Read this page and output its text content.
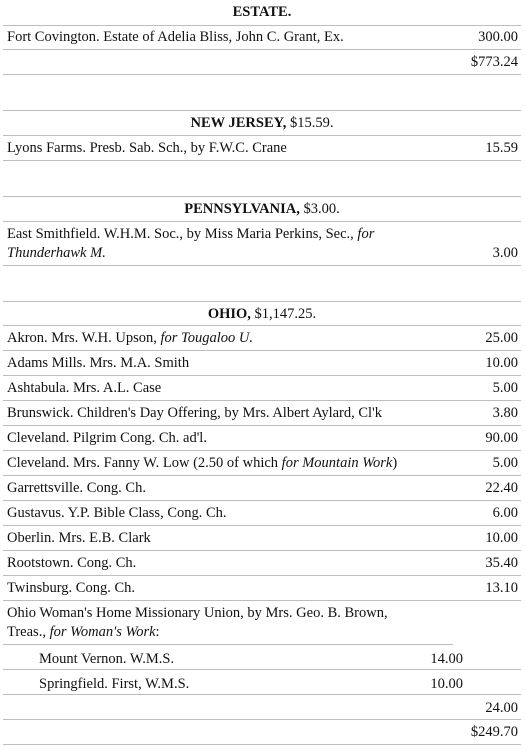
ESTATE.
Fort Covington. Estate of Adelia Bliss, John C. Grant, Ex.	300.00
$773.24
NEW JERSEY, $15.59.
Lyons Farms. Presb. Sab. Sch., by F.W.C. Crane	15.59
PENNSYLVANIA, $3.00.
East Smithfield. W.H.M. Soc., by Miss Maria Perkins, Sec., for
Thunderhawk M.	3.00
OHIO, $1,147.25.
Akron. Mrs. W.H. Upson, for Tougaloo U.	25.00
Adams Mills. Mrs. M.A. Smith	10.00
Ashtabula. Mrs. A.L. Case	5.00
Brunswick. Children's Day Offering, by Mrs. Albert Aylard, Cl'k	3.80
Cleveland. Pilgrim Cong. Ch. ad'l.	90.00
Cleveland. Mrs. Fanny W. Low (2.50 of which for Mountain Work)	5.00
Garrettsville. Cong. Ch.	22.40
Gustavus. Y.P. Bible Class, Cong. Ch.	6.00
Oberlin. Mrs. E.B. Clark	10.00
Rootstown. Cong. Ch.	35.40
Twinsburg. Cong. Ch.	13.10
Ohio Woman's Home Missionary Union, by Mrs. Geo. B. Brown,
Treas., for Woman's Work:
Mount Vernon. W.M.S.	14.00
Springfield. First, W.M.S.	10.00
24.00
$249.70
